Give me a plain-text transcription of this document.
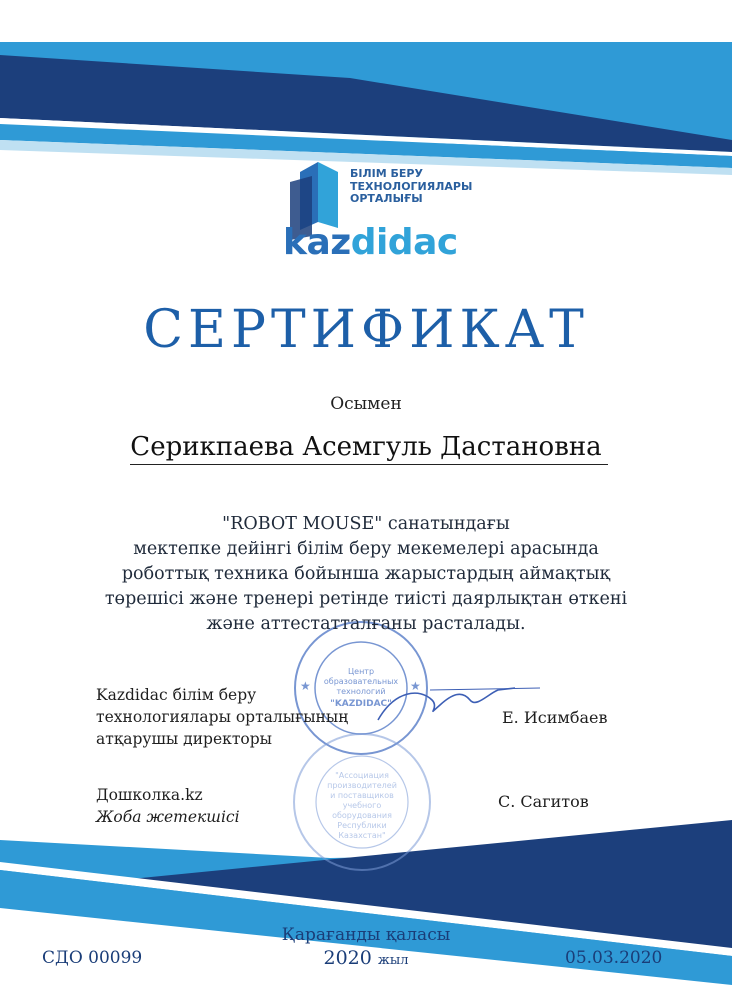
Центр
образовательных
технологий
"KAZDIDAC"
★	★
"Ассоциация
производителей
и поставщиков
учебного
оборудования
Республики
Казахстан"
БІЛІМ БЕРУ
ТЕХНОЛОГИЯЛАРЫ
ОРТАЛЫҒЫ
kazdidac
СЕРТИФИКАТ
Осымен
Серикпаева Асемгуль Дастановна
"ROBOT MOUSE" санатындағы
мектепке дейінгі білім беру мекемелері арасында
роботтық техника бойынша жарыстардың аймақтық
төрешісі және тренері ретінде тиісті даярлықтан өткені
және аттестатталғаны расталады.
Kazdidac білім беру
технологиялары орталығының
атқарушы директоры
Е. Исимбаев
Дошколка.kz
Жоба жетекшісі
С. Сагитов
СДО 00099
Қарағанды қаласы
2020 жыл	05.03.2020
